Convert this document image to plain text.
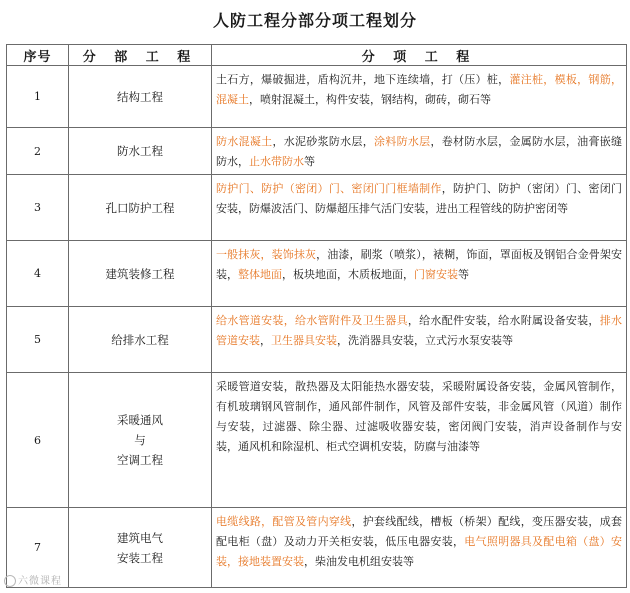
人防工程分部分项工程划分
序号	分 部 工 程	分 项 工 程
1	结构工程	土石方，爆破掘进，盾构沉井，地下连续墙，打（压）桩，灌注桩，模板，钢筋，混凝土，喷射混凝土，构件安装，钢结构，砌砖，砌石等
2	防水工程	防水混凝土，水泥砂浆防水层，涂料防水层，卷材防水层，金属防水层，油膏嵌缝防水，止水带防水等
3	孔口防护工程	防护门、防护（密闭）门、密闭门门框墙制作，防护门、防护（密闭）门、密闭门安装，防爆波活门、防爆超压排气活门安装，进出工程管线的防护密闭等
4	建筑装修工程	一般抹灰，装饰抹灰，油漆，刷浆（喷浆），裱糊，饰面，罩面板及钢铝合金骨架安装，整体地面，板块地面，木质板地面，门窗安装等
5	给排水工程	给水管道安装，给水管附件及卫生器具，给水配件安装，给水附属设备安装，排水管道安装，卫生器具安装，洗消器具安装，立式污水泵安装等
6	采暖通风
与
空调工程	采暖管道安装，散热器及太阳能热水器安装，采暖附属设备安装，金属风管制作，有机玻璃钢风管制作，通风部件制作，风管及部件安装，非金属风管（风道）制作与安装，过滤器、除尘器、过滤吸收器安装，密闭阀门安装，消声设备制作与安装，通风机和除湿机、柜式空调机安装，防腐与油漆等
7	建筑电气
安装工程	电缆线路，配管及管内穿线，护套线配线，槽板（桥架）配线，变压器安装，成套配电柜（盘）及动力开关柜安装，低压电器安装，电气照明器具及配电箱（盘）安装，接地装置安装，柴油发电机组安装等
六微课程
